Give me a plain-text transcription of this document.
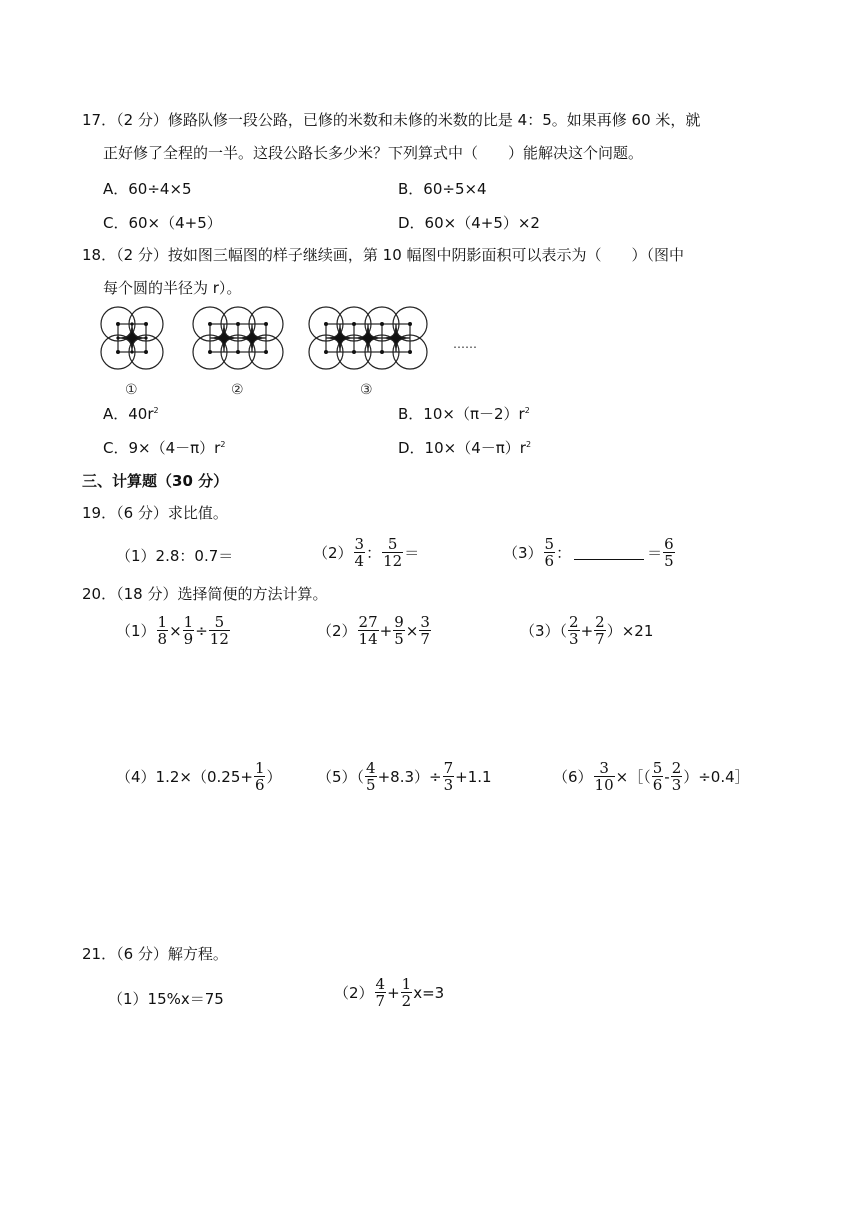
17．（2 分）修路队修一段公路，已修的米数和未修的米数的比是 4：5。如果再修 60 米，就
正好修了全程的一半。这段公路长多少米？下列算式中（　　）能解决这个问题。
A．60÷4×5	B．60÷5×4
C．60×（4+5）	D．60×（4+5）×2
18．（2 分）按如图三幅图的样子继续画，第 10 幅图中阴影面积可以表示为（　　）（图中
每个圆的半径为 r）。
……
①	②	③
A．$40r^2$	B．$10\times(\pi-2)r^2$
C．$9\times(4-\pi)r^2$	D．$10\times(4-\pi)r^2$
三、计算题（30 分）
19．（6 分）求比值。
（1）2.8：0.7＝	$(2) \frac{3}{4}$ ： $\frac{5}{12}$ ＝	$(3) \frac{5}{6}$ ：	＝ $\frac{6}{5}$
20．（18 分）选择简便的方法计算。
$(1) \frac{1}{8} \times \frac{1}{9} \div \frac{5}{12}$	$(2) \frac{27}{14} + \frac{9}{5} \times \frac{3}{7}$	$(3)( \frac{2}{3} + \frac{2}{7} )\times 21$
$(4)1.2\times(0.25+ \frac{1}{6}$ ） $(5)( \frac{4}{5} +8.3)\div \frac{7}{3} +1.1$	$(6) \frac{3}{10}$ ×［（ $\frac{5}{6} - \frac{2}{3}$ ）÷0.4］
21．（6 分）解方程。
（1）15%x＝75	$(2) \frac{4}{7} + \frac{1}{2} x=3$
